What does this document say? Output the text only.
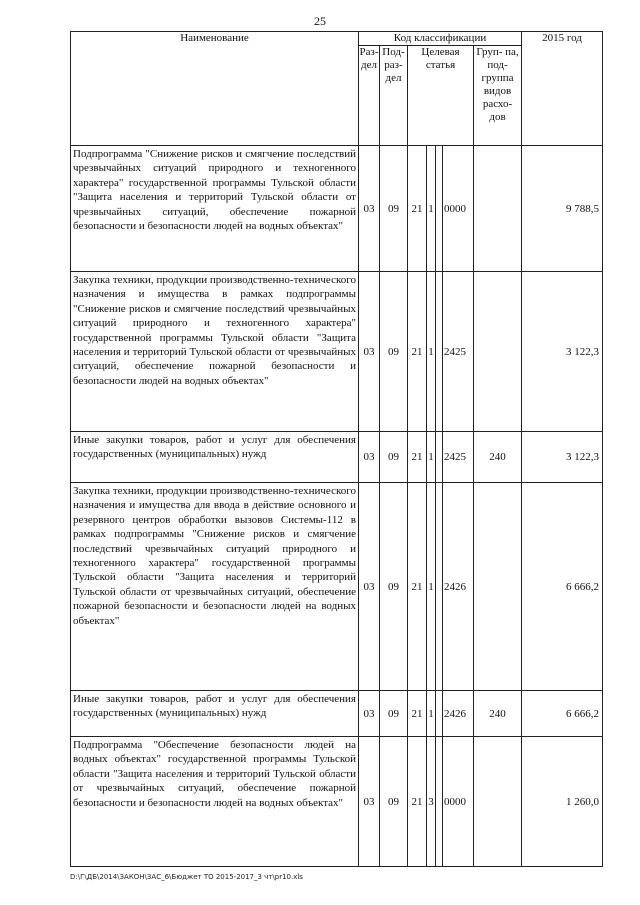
25
Наименование	Код классификации							2015 год
	Раз- дел	Под- раз- дел	Целевая статья				Груп- па, под- группа видов расхо- дов	
Подпрограмма "Снижение рисков и смягчение последствий чрезвычайных ситуаций природного и техногенного характера" государственной программы Тульской области "Защита населения и территорий Тульской области от чрезвычайных ситуаций, обеспечение пожарной безопасности и безопасности людей на водных объектах"	03	09	21	1		0000		9 788,5
Закупка техники, продукции производственно-технического назначения и имущества в рамках подпрограммы "Снижение рисков и смягчение последствий чрезвычайных ситуаций природного и техногенного характера" государственной программы Тульской области "Защита населения и территорий Тульской области от чрезвычайных ситуаций, обеспечение пожарной безопасности и безопасности людей на водных объектах"	03	09	21	1		2425		3 122,3
Иные закупки товаров, работ и услуг для обеспечения государственных (муниципальных) нужд	03	09	21	1		2425	240	3 122,3
Закупка техники, продукции производственно-технического назначения и имущества для ввода в действие основного и резервного центров обработки вызовов Системы-112 в рамках подпрограммы "Снижение рисков и смягчение последствий чрезвычайных ситуаций природного и техногенного характера" государственной программы Тульской области "Защита населения и территорий Тульской области от чрезвычайных ситуаций, обеспечение пожарной безопасности и безопасности людей на водных объектах"	03	09	21	1		2426		6 666,2
Иные закупки товаров, работ и услуг для обеспечения государственных (муниципальных) нужд	03	09	21	1		2426	240	6 666,2
Подпрограмма "Обеспечение безопасности людей на водных объектах" государственной программы Тульской области "Защита населения и территорий Тульской области от чрезвычайных ситуаций, обеспечение пожарной безопасности и безопасности людей на водных объектах"	03	09	21	3		0000		1 260,0
D:\Г\ДБ\2014\ЗАКОН\ЗАС_6\Бюджет ТО 2015-2017_3 чт\pr10.xls
